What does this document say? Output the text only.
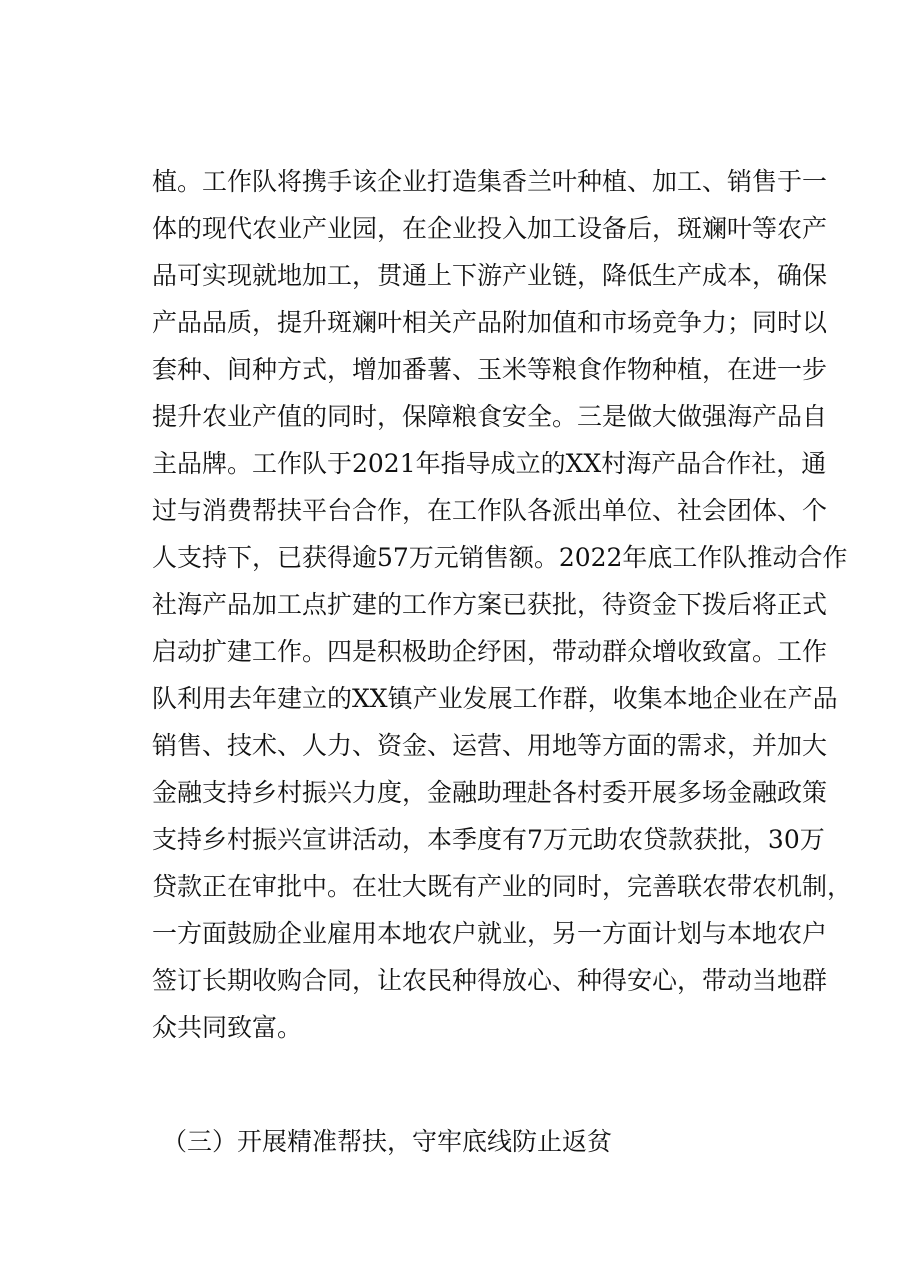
植。工作队将携手该企业打造集香兰叶种植、加工、销售于一
体的现代农业产业园，在企业投入加工设备后，斑斓叶等农产
品可实现就地加工，贯通上下游产业链，降低生产成本，确保
产品品质，提升斑斓叶相关产品附加值和市场竞争力；同时以
套种、间种方式，增加番薯、玉米等粮食作物种植，在进一步
提升农业产值的同时，保障粮食安全。三是做大做强海产品自
主品牌。工作队于2021年指导成立的XX村海产品合作社，通
过与消费帮扶平台合作，在工作队各派出单位、社会团体、个
人支持下，已获得逾57万元销售额。2022年底工作队推动合作
社海产品加工点扩建的工作方案已获批，待资金下拨后将正式
启动扩建工作。四是积极助企纾困，带动群众增收致富。工作
队利用去年建立的XX镇产业发展工作群，收集本地企业在产品
销售、技术、人力、资金、运营、用地等方面的需求，并加大
金融支持乡村振兴力度，金融助理赴各村委开展多场金融政策
支持乡村振兴宣讲活动，本季度有7万元助农贷款获批，30万
贷款正在审批中。在壮大既有产业的同时，完善联农带农机制，
一方面鼓励企业雇用本地农户就业，另一方面计划与本地农户
签订长期收购合同，让农民种得放心、种得安心，带动当地群
众共同致富。
（三）开展精准帮扶，守牢底线防止返贫
